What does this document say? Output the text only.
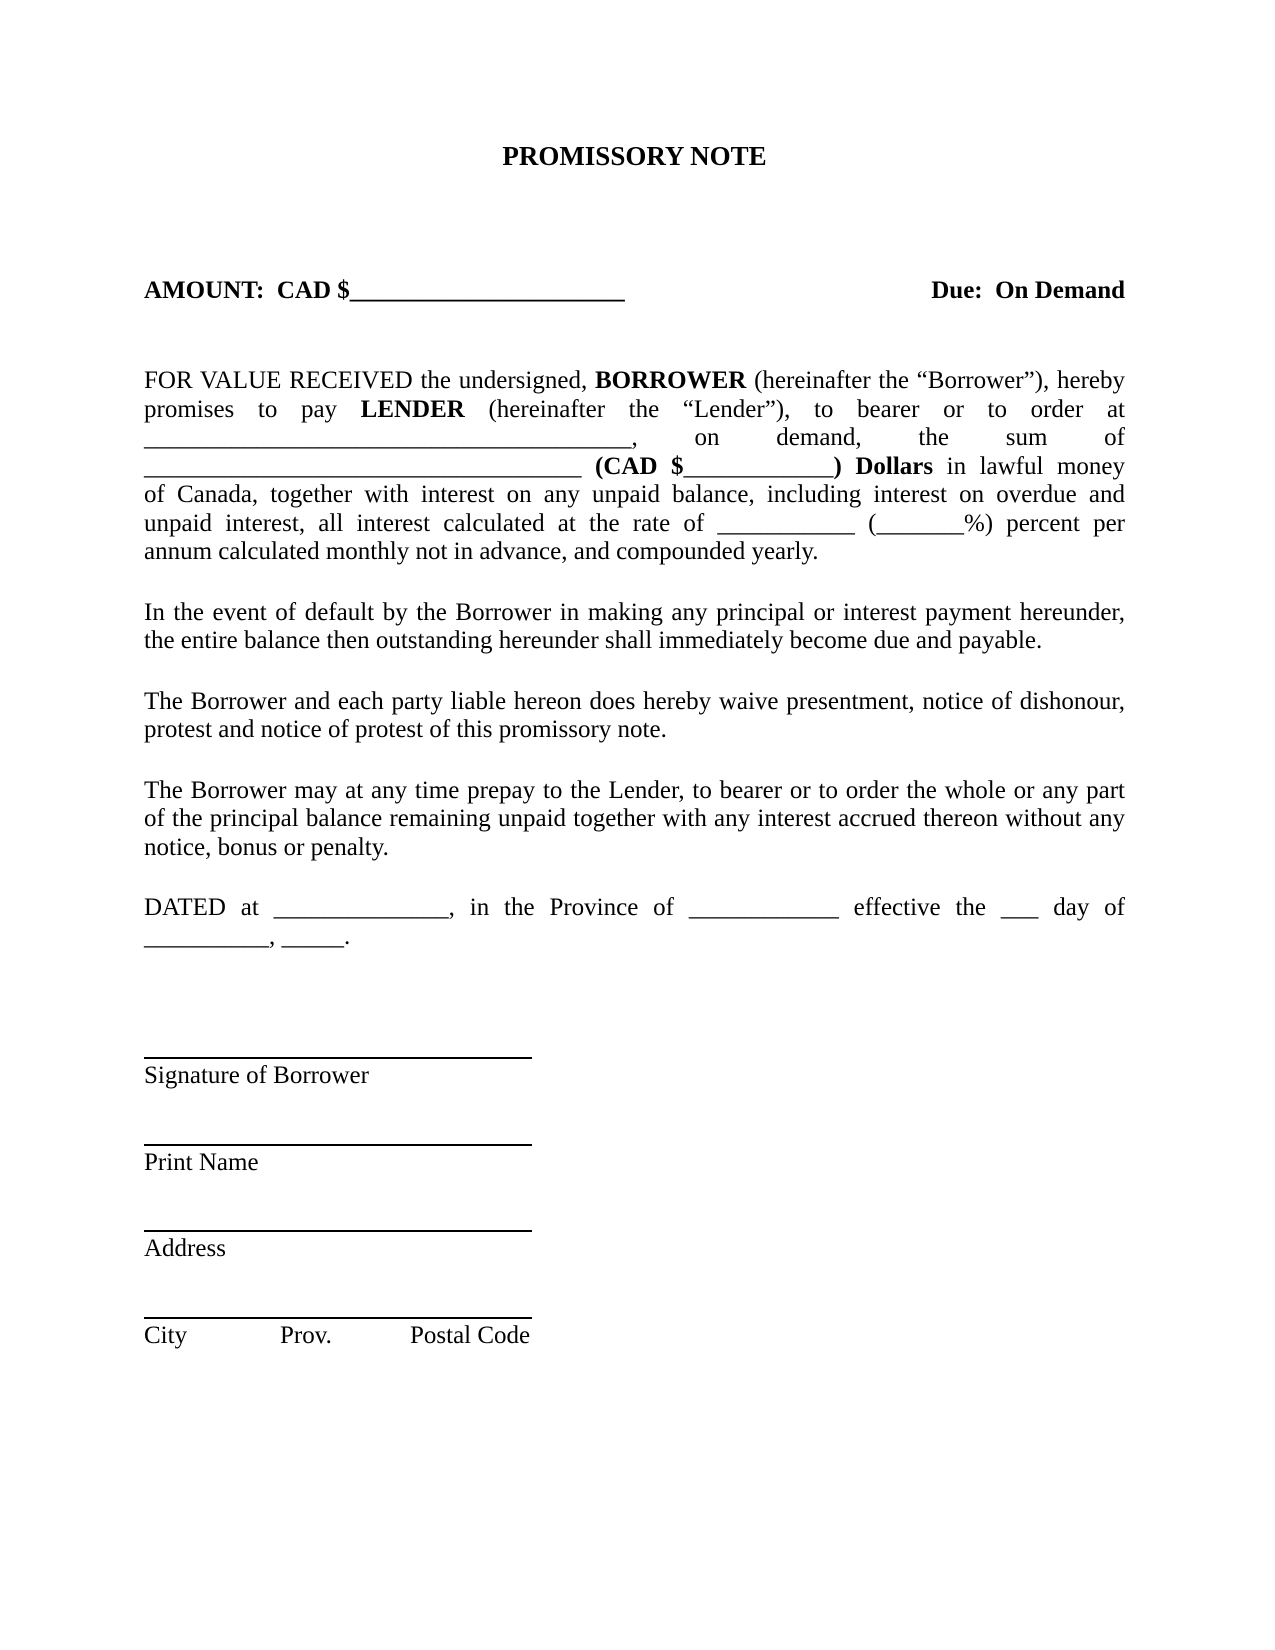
PROMISSORY NOTE
AMOUNT:  CAD $______________________	Due:  On Demand
FOR VALUE RECEIVED the undersigned, BORROWER (hereinafter the “Borrower”), hereby
promises to pay LENDER (hereinafter the “Lender”), to bearer or to order at
_______________________________________, on demand, the sum of
___________________________________ (CAD $____________) Dollars in lawful money
of Canada, together with interest on any unpaid balance, including interest on overdue and
unpaid interest, all interest calculated at the rate of ___________ (_______%) percent per
annum calculated monthly not in advance, and compounded yearly.
In the event of default by the Borrower in making any principal or interest payment hereunder,
the entire balance then outstanding hereunder shall immediately become due and payable.
The Borrower and each party liable hereon does hereby waive presentment, notice of dishonour,
protest and notice of protest of this promissory note.
The Borrower may at any time prepay to the Lender, to bearer or to order the whole or any part
of the principal balance remaining unpaid together with any interest accrued thereon without any
notice, bonus or penalty.
DATED at ______________, in the Province of ____________ effective the ___ day of
__________, _____.
Signature of Borrower
Print Name
Address
City	Prov.	Postal Code
